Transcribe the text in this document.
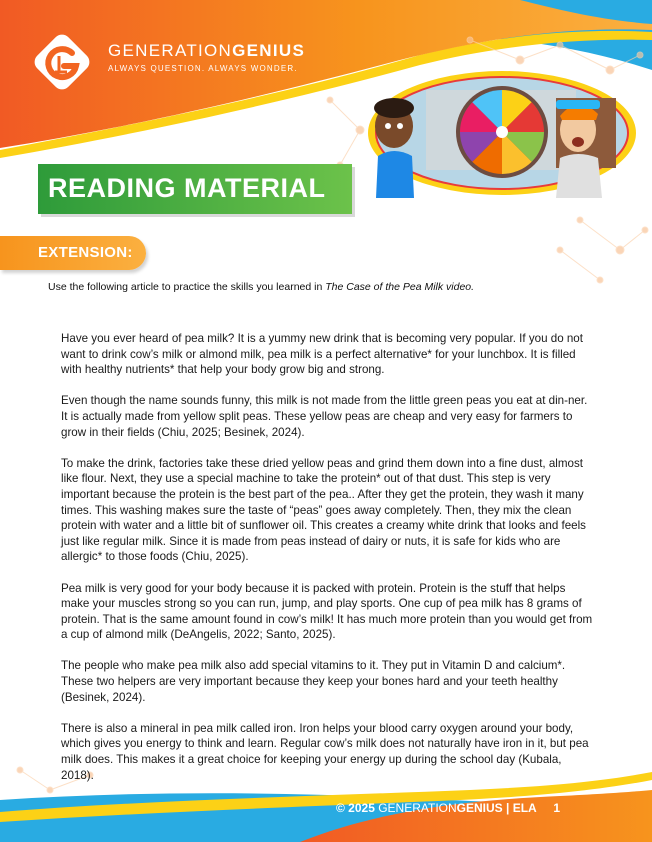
GENERATIONGENIUS
ALWAYS QUESTION. ALWAYS WONDER.
READING MATERIAL
EXTENSION:
Use the following article to practice the skills you learned in The Case of the Pea Milk video.

Have you ever heard of pea milk? It is a yummy new drink that is becoming very popular. If you do not want to drink cow’s milk or almond milk, pea milk is a perfect alternative* for your lunchbox. It is filled with healthy nutrients* that help your body grow big and strong.

Even though the name sounds funny, this milk is not made from the little green peas you eat at din-ner. It is actually made from yellow split peas. These yellow peas are cheap and very easy for farmers to grow in their fields (Chiu, 2025; Besinek, 2024).

To make the drink, factories take these dried yellow peas and grind them down into a fine dust, almost like flour. Next, they use a special machine to take the protein* out of that dust. This step is very important because the protein is the best part of the pea.. After they get the protein, they wash it many times. This washing makes sure the taste of “peas” goes away completely. Then, they mix the clean protein with water and a little bit of sunflower oil. This creates a creamy white drink that looks and feels just like regular milk. Since it is made from peas instead of dairy or nuts, it is safe for kids who are allergic* to those foods (Chiu, 2025).

Pea milk is very good for your body because it is packed with protein. Protein is the stuff that helps make your muscles strong so you can run, jump, and play sports. One cup of pea milk has 8 grams of protein. That is the same amount found in cow’s milk! It has much more protein than you would get from a cup of almond milk (DeAngelis, 2022; Santo, 2025).

The people who make pea milk also add special vitamins to it. They put in Vitamin D and calcium*. These two helpers are very important because they keep your bones hard and your teeth healthy (Besinek, 2024).

There is also a mineral in pea milk called iron. Iron helps your blood carry oxygen around your body, which gives you energy to think and learn. Regular cow’s milk does not naturally have iron in it, but pea milk does. This makes it a great choice for keeping your energy up during the school day (Kubala, 2018).

© 2025 GENERATIONGENIUS | ELA 1
